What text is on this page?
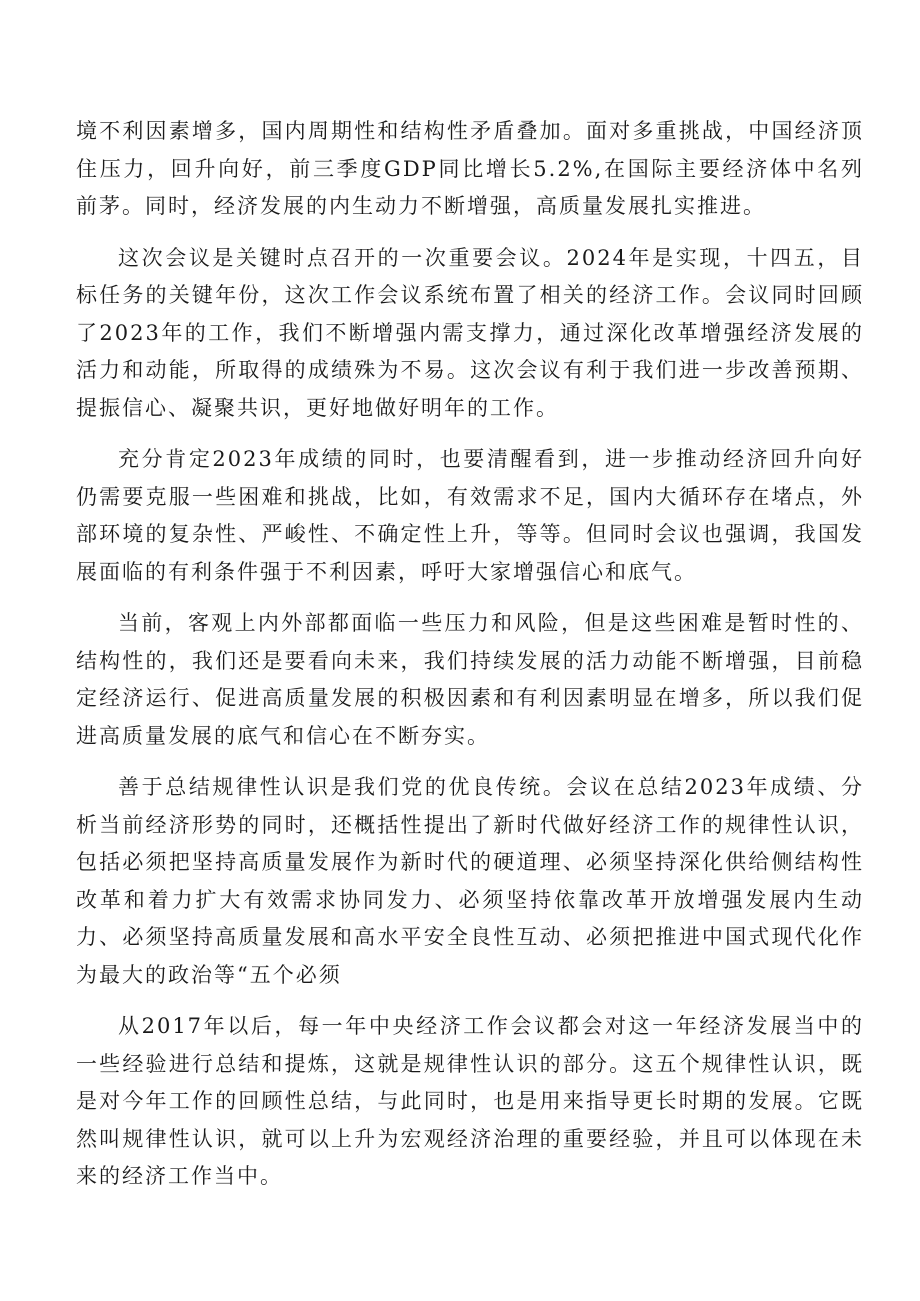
境不利因素增多，国内周期性和结构性矛盾叠加。面对多重挑战，中国经济顶住压力，回升向好，前三季度GDP同比增长5.2%,在国际主要经济体中名列前茅。同时，经济发展的内生动力不断增强，高质量发展扎实推进。

这次会议是关键时点召开的一次重要会议。2024年是实现，十四五，目标任务的关键年份，这次工作会议系统布置了相关的经济工作。会议同时回顾了2023年的工作，我们不断增强内需支撑力，通过深化改革增强经济发展的活力和动能，所取得的成绩殊为不易。这次会议有利于我们进一步改善预期、提振信心、凝聚共识，更好地做好明年的工作。

充分肯定2023年成绩的同时，也要清醒看到，进一步推动经济回升向好仍需要克服一些困难和挑战，比如，有效需求不足，国内大循环存在堵点，外部环境的复杂性、严峻性、不确定性上升，等等。但同时会议也强调，我国发展面临的有利条件强于不利因素，呼吁大家增强信心和底气。

当前，客观上内外部都面临一些压力和风险，但是这些困难是暂时性的、结构性的，我们还是要看向未来，我们持续发展的活力动能不断增强，目前稳定经济运行、促进高质量发展的积极因素和有利因素明显在增多，所以我们促进高质量发展的底气和信心在不断夯实。

善于总结规律性认识是我们党的优良传统。会议在总结2023年成绩、分析当前经济形势的同时，还概括性提出了新时代做好经济工作的规律性认识，包括必须把坚持高质量发展作为新时代的硬道理、必须坚持深化供给侧结构性改革和着力扩大有效需求协同发力、必须坚持依靠改革开放增强发展内生动力、必须坚持高质量发展和高水平安全良性互动、必须把推进中国式现代化作为最大的政治等“五个必须

从2017年以后，每一年中央经济工作会议都会对这一年经济发展当中的一些经验进行总结和提炼，这就是规律性认识的部分。这五个规律性认识，既是对今年工作的回顾性总结，与此同时，也是用来指导更长时期的发展。它既然叫规律性认识，就可以上升为宏观经济治理的重要经验，并且可以体现在未来的经济工作当中。
